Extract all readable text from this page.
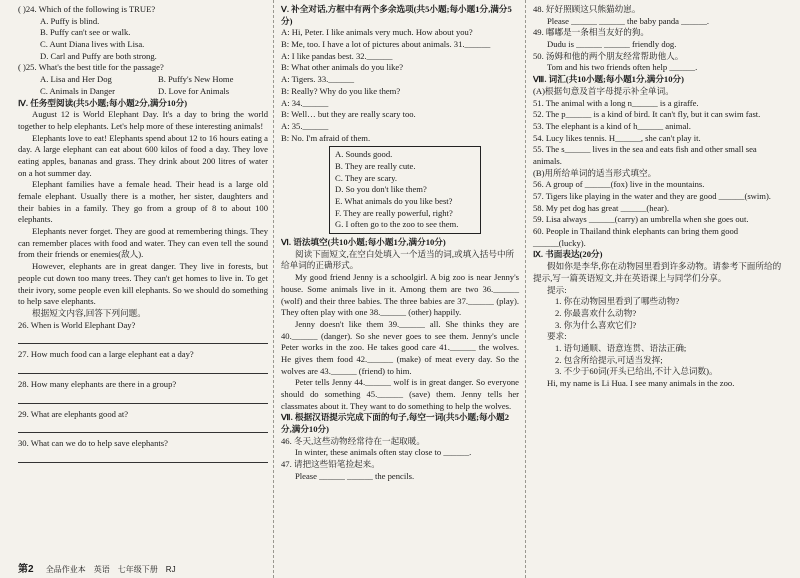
( )24. Which of the following is TRUE?
A. Puffy is blind.
B. Puffy can't see or walk.
C. Aunt Diana lives with Lisa.
D. Carl and Puffy are both strong.
( )25. What's the best title for the passage?
A. Lisa and Her Dog	B. Puffy's New Home
C. Animals in Danger	D. Love for Animals
Ⅳ. 任务型阅读(共5小题;每小题2分,满分10分)
August 12 is World Elephant Day. It's a day to bring the world together to help elephants. Let's help more of these interesting animals!
Elephants love to eat! Elephants spend about 12 to 16 hours eating a day. A large elephant can eat about 600 kilos of food a day. They love eating apples, bananas and grass. They drink about 200 litres of water on a hot summer day.
Elephant families have a female head. Their head is a large old female elephant. Usually there is a mother, her sister, daughters and their babies in a family. They go from a group of 8 to about 100 elephants.
Elephants never forget. They are good at remembering things. They can remember places with food and water. They can even tell the sound from their friends or enemies(敌人).
However, elephants are in great danger. They live in forests, but people cut down too many trees. They can't get homes to live in. To get their ivory, some people even kill elephants. So we should do something to help save elephants.
根据短文内容,回答下列问题。
26. When is World Elephant Day?
27. How much food can a large elephant eat a day?
28. How many elephants are there in a group?
29. What are elephants good at?
30. What can we do to help save elephants?
Ⅴ. 补全对话,方框中有两个多余选项(共5小题;每小题1分,满分5分)
A: Hi, Peter. I like animals very much. How about you?
B: Me, too. I have a lot of pictures about animals. 31.______
A: I like pandas best. 32.______
B: What other animals do you like?
A: Tigers. 33.______
B: Really? Why do you like them?
A: 34.______
B: Well… but they are really scary too.
A: 35.______
B: No. I'm afraid of them.
A. Sounds good.
B. They are really cute.
C. They are scary.
D. So you don't like them?
E. What animals do you like best?
F. They are really powerful, right?
G. I often go to the zoo to see them.
Ⅵ. 语法填空(共10小题;每小题1分,满分10分)
阅读下面短文,在空白处填入一个适当的词,或填入括号中所给单词的正确形式。
My good friend Jenny is a schoolgirl. A big zoo is near Jenny's house. Some animals live in it. Among them are two 36.______ (wolf) and their three babies. The three babies are 37.______ (play). They often play with one 38.______ (other) happily.
Jenny doesn't like them 39.______ all. She thinks they are 40.______ (danger). So she never goes to see them. Jenny's uncle Peter works in the zoo. He takes good care 41.______ the wolves. He gives them food 42.______ (make) of meat every day. So the wolves are 43.______ (friend) to him.
Peter tells Jenny 44.______ wolf is in great danger. So everyone should do something 45.______ (save) them. Jenny tells her classmates about it. They want to do something to help the wolves.
Ⅶ. 根据汉语提示完成下面的句子,每空一词(共5小题;每小题2分,满分10分)
46. 冬天,这些动物经常待在一起取暖。
In winter, these animals often stay close to ______.
47. 请把这些铅笔捡起来。
Please ______ ______ the pencils.
48. 好好照顾这只熊猫幼崽。
Please ______ ______ the baby panda ______.
49. 嘟嘟是一条相当友好的狗。
Dudu is ______ ______ friendly dog.
50. 汤姆和他的两个朋友经常帮助他人。
Tom and his two friends often help ______.
Ⅷ. 词汇(共10小题;每小题1分,满分10分)
(A)根据句意及首字母提示补全单词。
51. The animal with a long n______ is a giraffe.
52. The p______ is a kind of bird. It can't fly, but it can swim fast.
53. The elephant is a kind of h______ animal.
54. Lucy likes tennis. H______, she can't play it.
55. The s______ lives in the sea and eats fish and other small sea animals.
(B)用所给单词的适当形式填空。
56. A group of ______(fox) live in the mountains.
57. Tigers like playing in the water and they are good ______(swim).
58. My pet dog has great ______(hear).
59. Lisa always ______(carry) an umbrella when she goes out.
60. People in Thailand think elephants can bring them good ______(lucky).
Ⅸ. 书面表达(20分)
假如你是李华,你在动物园里看到许多动物。请参考下面所给的提示,写一篇英语短文,并在英语课上与同学们分享。
提示:
1. 你在动物园里看到了哪些动物?
2. 你最喜欢什么动物?
3. 你为什么喜欢它们?
要求:
1. 语句通顺、语意连贯、语法正确;
2. 包含所给提示,可适当发挥;
3. 不少于60词(开头已给出,不计入总词数)。
Hi, my name is Li Hua. I see many animals in the zoo.
第2 全品作业本　英语　七年级下册　RJ
